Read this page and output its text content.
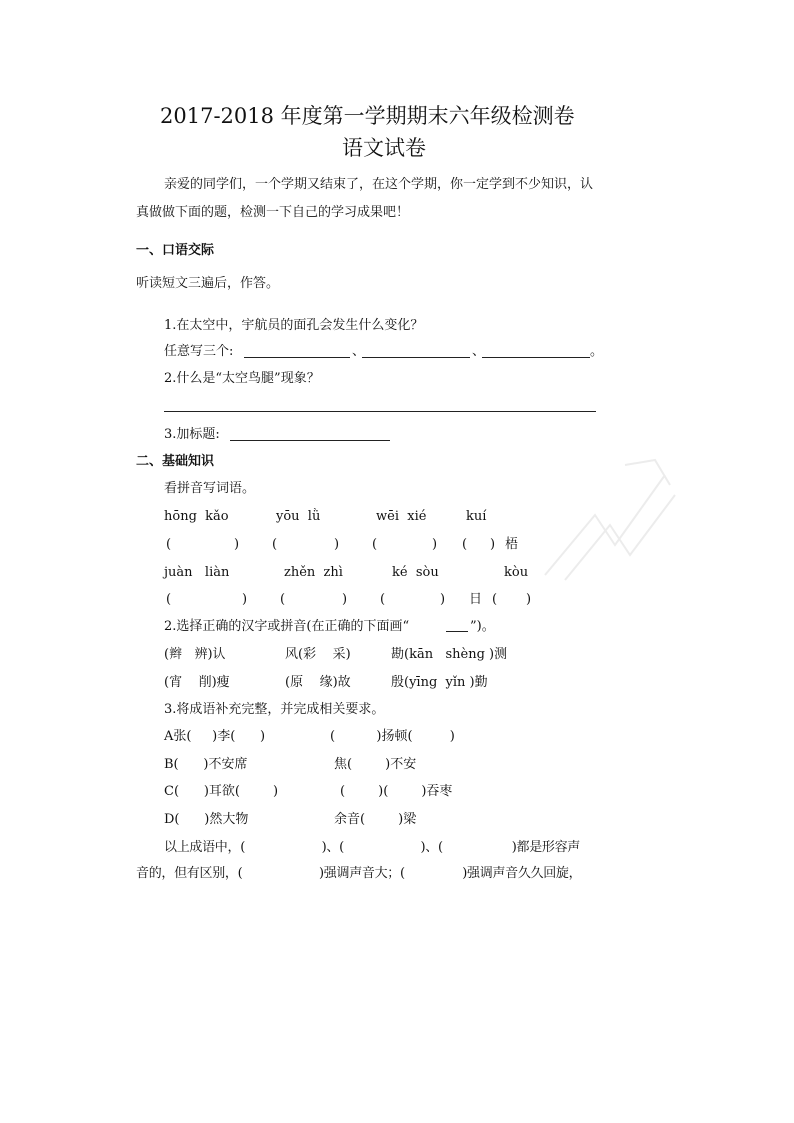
2017-2018 年度第一学期期末六年级检测卷
语文试卷
亲爱的同学们，一个学期又结束了，在这个学期，你一定学到不少知识，认
真做做下面的题，检测一下自己的学习成果吧！
一、口语交际
听读短文三遍后，作答。
1.在太空中，宇航员的面孔会发生什么变化？
任意写三个:	、	、	。
2.什么是“太空鸟腿”现象？
3.加标题:
二、基础知识
看拼音写词语。
hōng  kǎo	yōu  lǜ	wēi  xié	kuí
(	)	(	)	(	) ( ) 梧
juàn   liàn	zhěn  zhì	ké  sòu	kòu
(	)	(	)	(	) 日 ( )
2.选择正确的汉字或拼音(在正确的下面画“	”)。
(辫   辨)认	风(彩    采)	勘(kān   shèng )测
(宵    削)瘦	(原    缘)故	殷(yīng  yǐn )勤
3.将成语补充完整，并完成相关要求。
A张(     )李(      )	(          )扬顿(         )
B(      )不安席	焦(        )不安
C(      )耳欲(        )	(        )(        )吞枣
D(      )然大物	余音(        )梁
以上成语中，(                    )、(                    )、(                  )都是形容声
音的，但有区别，(                    )强调声音大；(               )强调声音久久回旋，
